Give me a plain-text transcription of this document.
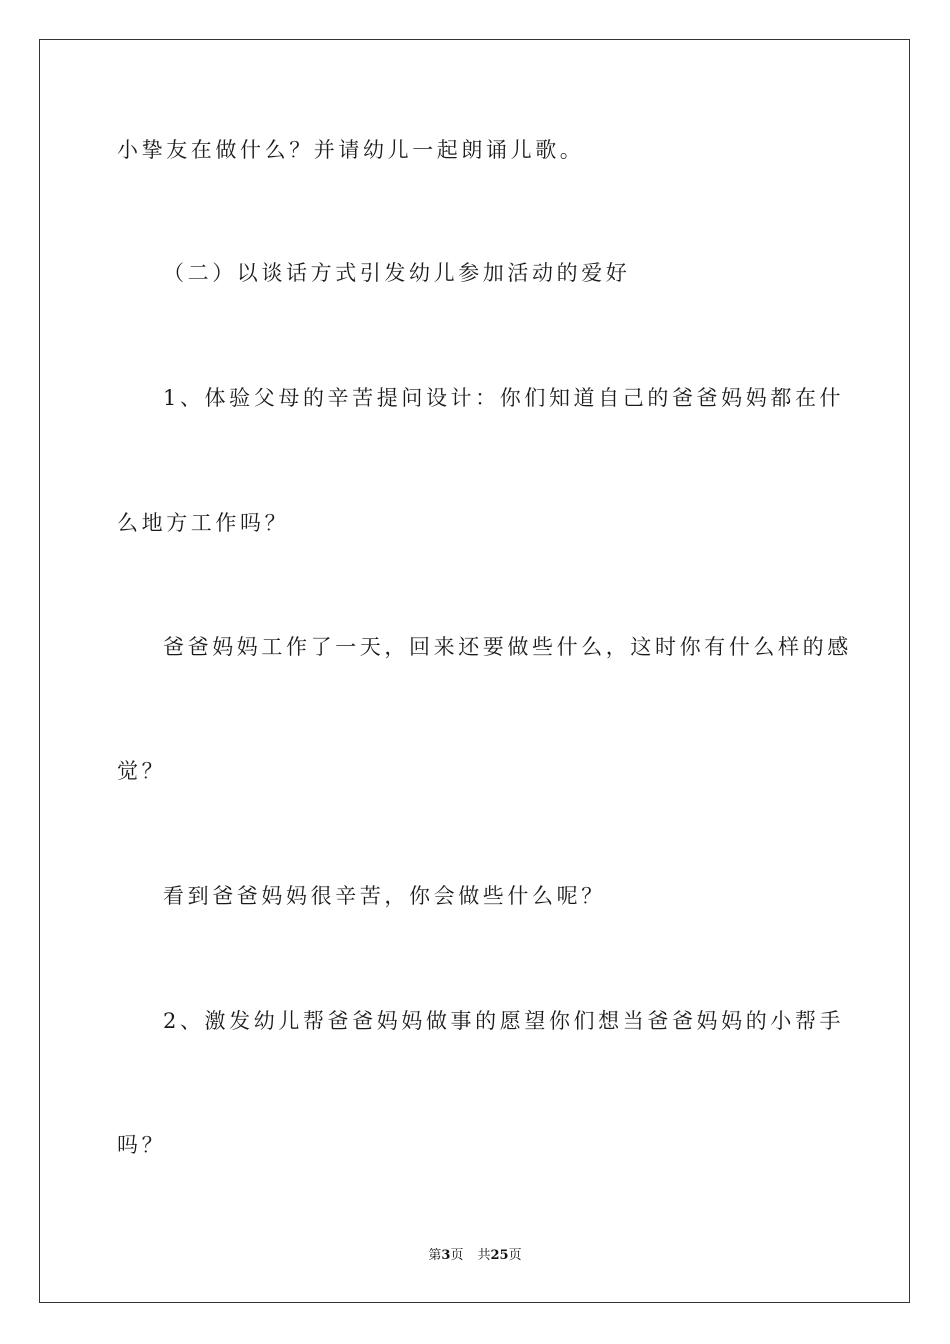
小挚友在做什么？并请幼儿一起朗诵儿歌。
（二）以谈话方式引发幼儿参加活动的爱好
1、体验父母的辛苦提问设计：你们知道自己的爸爸妈妈都在什
么地方工作吗？
爸爸妈妈工作了一天，回来还要做些什么，这时你有什么样的感
觉？
看到爸爸妈妈很辛苦，你会做些什么呢？
2、激发幼儿帮爸爸妈妈做事的愿望你们想当爸爸妈妈的小帮手
吗？
第3页 共25页
